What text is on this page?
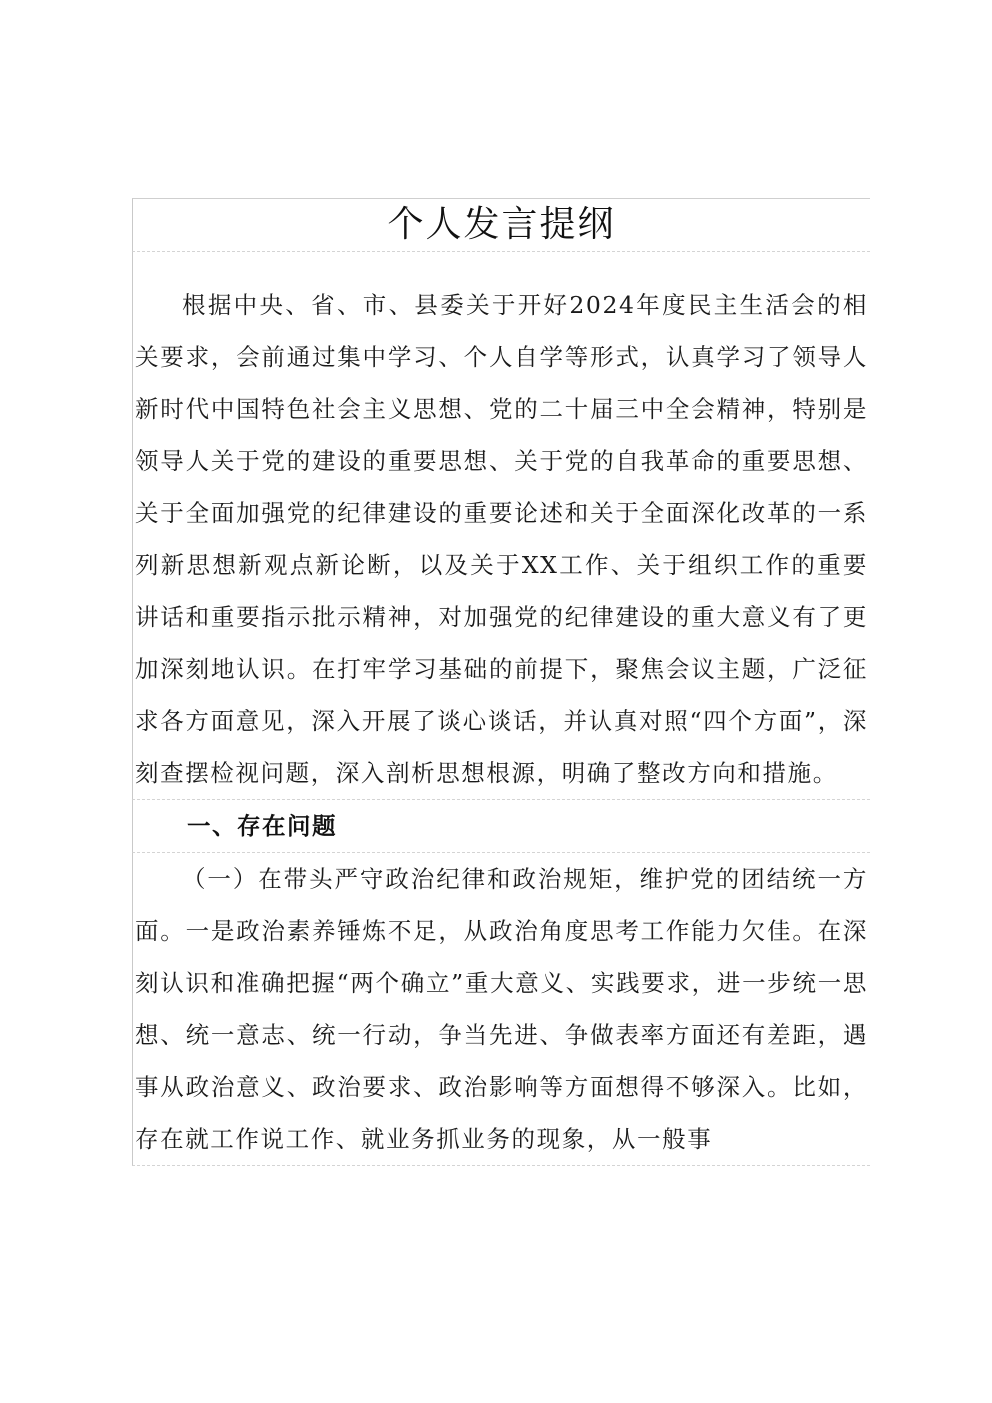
个人发言提纲

根据中央、省、市、县委关于开好2024年度民主生活会的相关要求，会前通过集中学习、个人自学等形式，认真学习了领导人新时代中国特色社会主义思想、党的二十届三中全会精神，特别是领导人关于党的建设的重要思想、关于党的自我革命的重要思想、关于全面加强党的纪律建设的重要论述和关于全面深化改革的一系列新思想新观点新论断，以及关于XX工作、关于组织工作的重要讲话和重要指示批示精神，对加强党的纪律建设的重大意义有了更加深刻地认识。在打牢学习基础的前提下，聚焦会议主题，广泛征求各方面意见，深入开展了谈心谈话，并认真对照“四个方面”，深刻查摆检视问题，深入剖析思想根源，明确了整改方向和措施。

一、存在问题

（一）在带头严守政治纪律和政治规矩，维护党的团结统一方面。一是政治素养锤炼不足，从政治角度思考工作能力欠佳。在深刻认识和准确把握“两个确立”重大意义、实践要求，进一步统一思想、统一意志、统一行动，争当先进、争做表率方面还有差距，遇事从政治意义、政治要求、政治影响等方面想得不够深入。比如，存在就工作说工作、就业务抓业务的现象，从一般事
